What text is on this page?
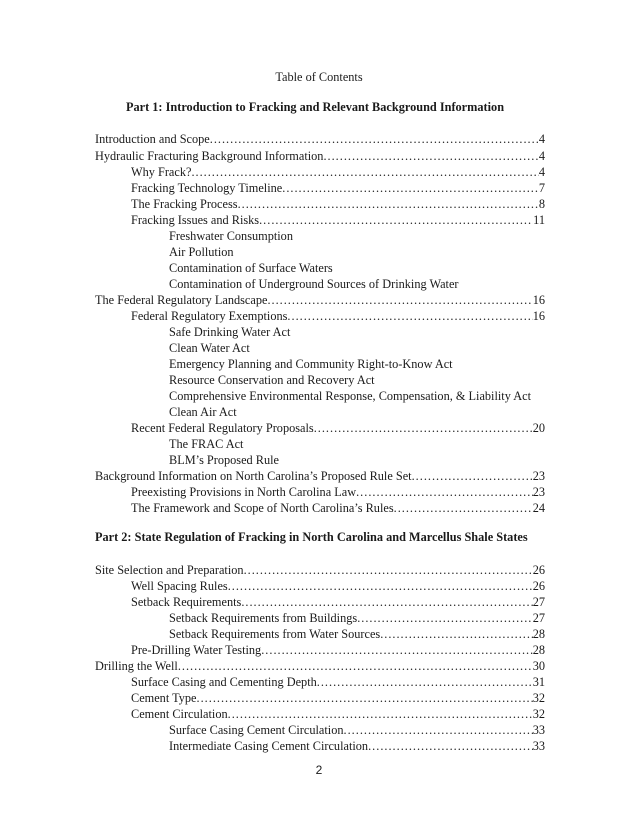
Table of Contents
Part 1: Introduction to Fracking and Relevant Background Information
Introduction and Scope .....	4
Hydraulic Fracturing Background Information .....	4
Why Frack? .....	4
Fracking Technology Timeline .....	7
The Fracking Process .....	8
Fracking Issues and Risks .....	11
Freshwater Consumption
Air Pollution
Contamination of Surface Waters
Contamination of Underground Sources of Drinking Water
The Federal Regulatory Landscape .....	16
Federal Regulatory Exemptions .....	16
Safe Drinking Water Act
Clean Water Act
Emergency Planning and Community Right-to-Know Act
Resource Conservation and Recovery Act
Comprehensive Environmental Response, Compensation, & Liability Act
Clean Air Act
Recent Federal Regulatory Proposals .....	20
The FRAC Act
BLM’s Proposed Rule
Background Information on North Carolina’s Proposed Rule Set .....	23
Preexisting Provisions in North Carolina Law .....	23
The Framework and Scope of North Carolina’s Rules .....	24
Part 2: State Regulation of Fracking in North Carolina and Marcellus Shale States
Site Selection and Preparation .....	26
Well Spacing Rules .....	26
Setback Requirements .....	27
Setback Requirements from Buildings .....	27
Setback Requirements from Water Sources .....	28
Pre-Drilling Water Testing .....	28
Drilling the Well .....	30
Surface Casing and Cementing Depth .....	31
Cement Type .....	32
Cement Circulation .....	32
Surface Casing Cement Circulation .....	33
Intermediate Casing Cement Circulation .....	33
2
